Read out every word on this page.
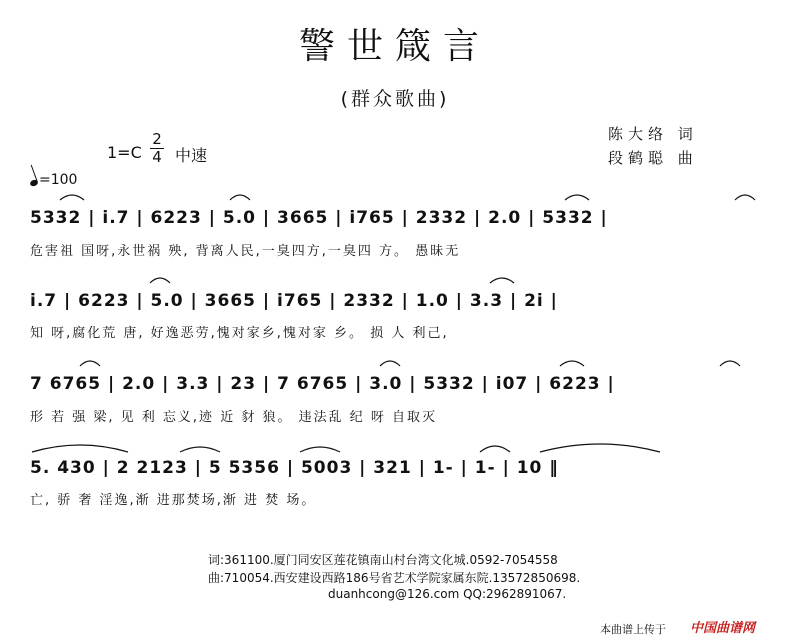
警世箴言
(群众歌曲)
陈大络 词
段鹤聪 曲
1=C
2
4 中速
=100
5332 | i.7 | 6223 | 5.0 | 3665 | i765 | 2332 | 2.0 | 5332 |
危害祖 国呀,永世祸 殃, 背离人民,一臭四方,一臭四 方。 愚昧无
i.7 | 6223 | 5.0 | 3665 | i765 | 2332 | 1.0 | 3.3 | 2i |
知 呀,腐化荒 唐, 好逸恶劳,愧对家乡,愧对家 乡。 损 人 利己,
7 6765 | 2.0 | 3.3 | 23 | 7 6765 | 3.0 | 5332 | i07 | 6223 |
形 若 强 梁, 见 利 忘义,迹 近 豺 狼。 违法乱 纪 呀 自取灭
5. 430 | 2 2123 | 5 5356 | 5003 | 321 | 1- | 1- | 10 ‖
亡, 骄 奢 淫逸,渐 进那焚场,渐 进 焚 场。
词:361100.厦门同安区莲花镇南山村台湾文化城.0592-7054558
曲:710054.西安建设西路186号省艺术学院家属东院.13572850698.
duanhcong@126.com QQ:2962891067.
本曲谱上传于 中国曲谱网
